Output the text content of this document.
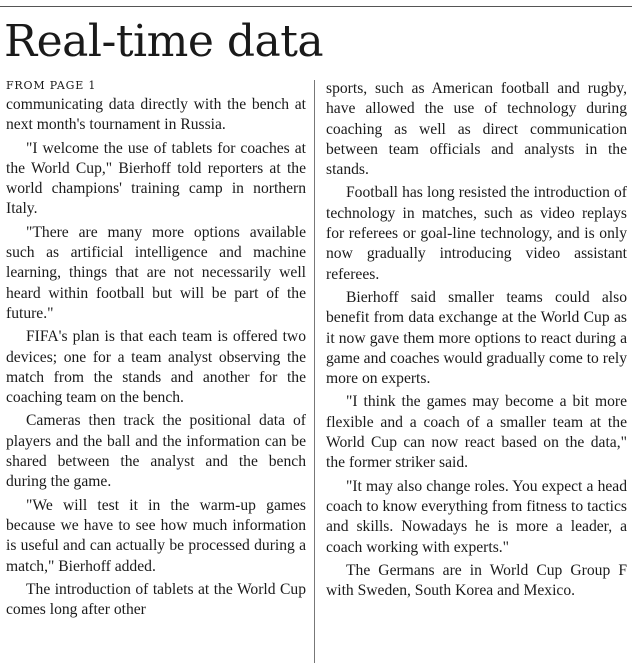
Real-time data
FROM PAGE 1

communicating data directly with the bench at next month's tournament in Russia.

"I welcome the use of tablets for coaches at the World Cup," Bierhoff told reporters at the world champions' training camp in northern Italy.

"There are many more options available such as artificial intelligence and machine learning, things that are not necessarily well heard within football but will be part of the future."

FIFA's plan is that each team is offered two devices; one for a team analyst observing the match from the stands and another for the coaching team on the bench.

Cameras then track the positional data of players and the ball and the information can be shared between the analyst and the bench during the game.

"We will test it in the warm-up games because we have to see how much information is useful and can actually be processed during a match," Bierhoff added.

The introduction of tablets at the World Cup comes long after other

sports, such as American football and rugby, have allowed the use of technology during coaching as well as direct communication between team officials and analysts in the stands.

Football has long resisted the introduction of technology in matches, such as video replays for referees or goal-line technology, and is only now gradually introducing video assistant referees.

Bierhoff said smaller teams could also benefit from data exchange at the World Cup as it now gave them more options to react during a game and coaches would gradually come to rely more on experts.

"I think the games may become a bit more flexible and a coach of a smaller team at the World Cup can now react based on the data," the former striker said.

"It may also change roles. You expect a head coach to know everything from fitness to tactics and skills. Nowadays he is more a leader, a coach working with experts."

The Germans are in World Cup Group F with Sweden, South Korea and Mexico.
